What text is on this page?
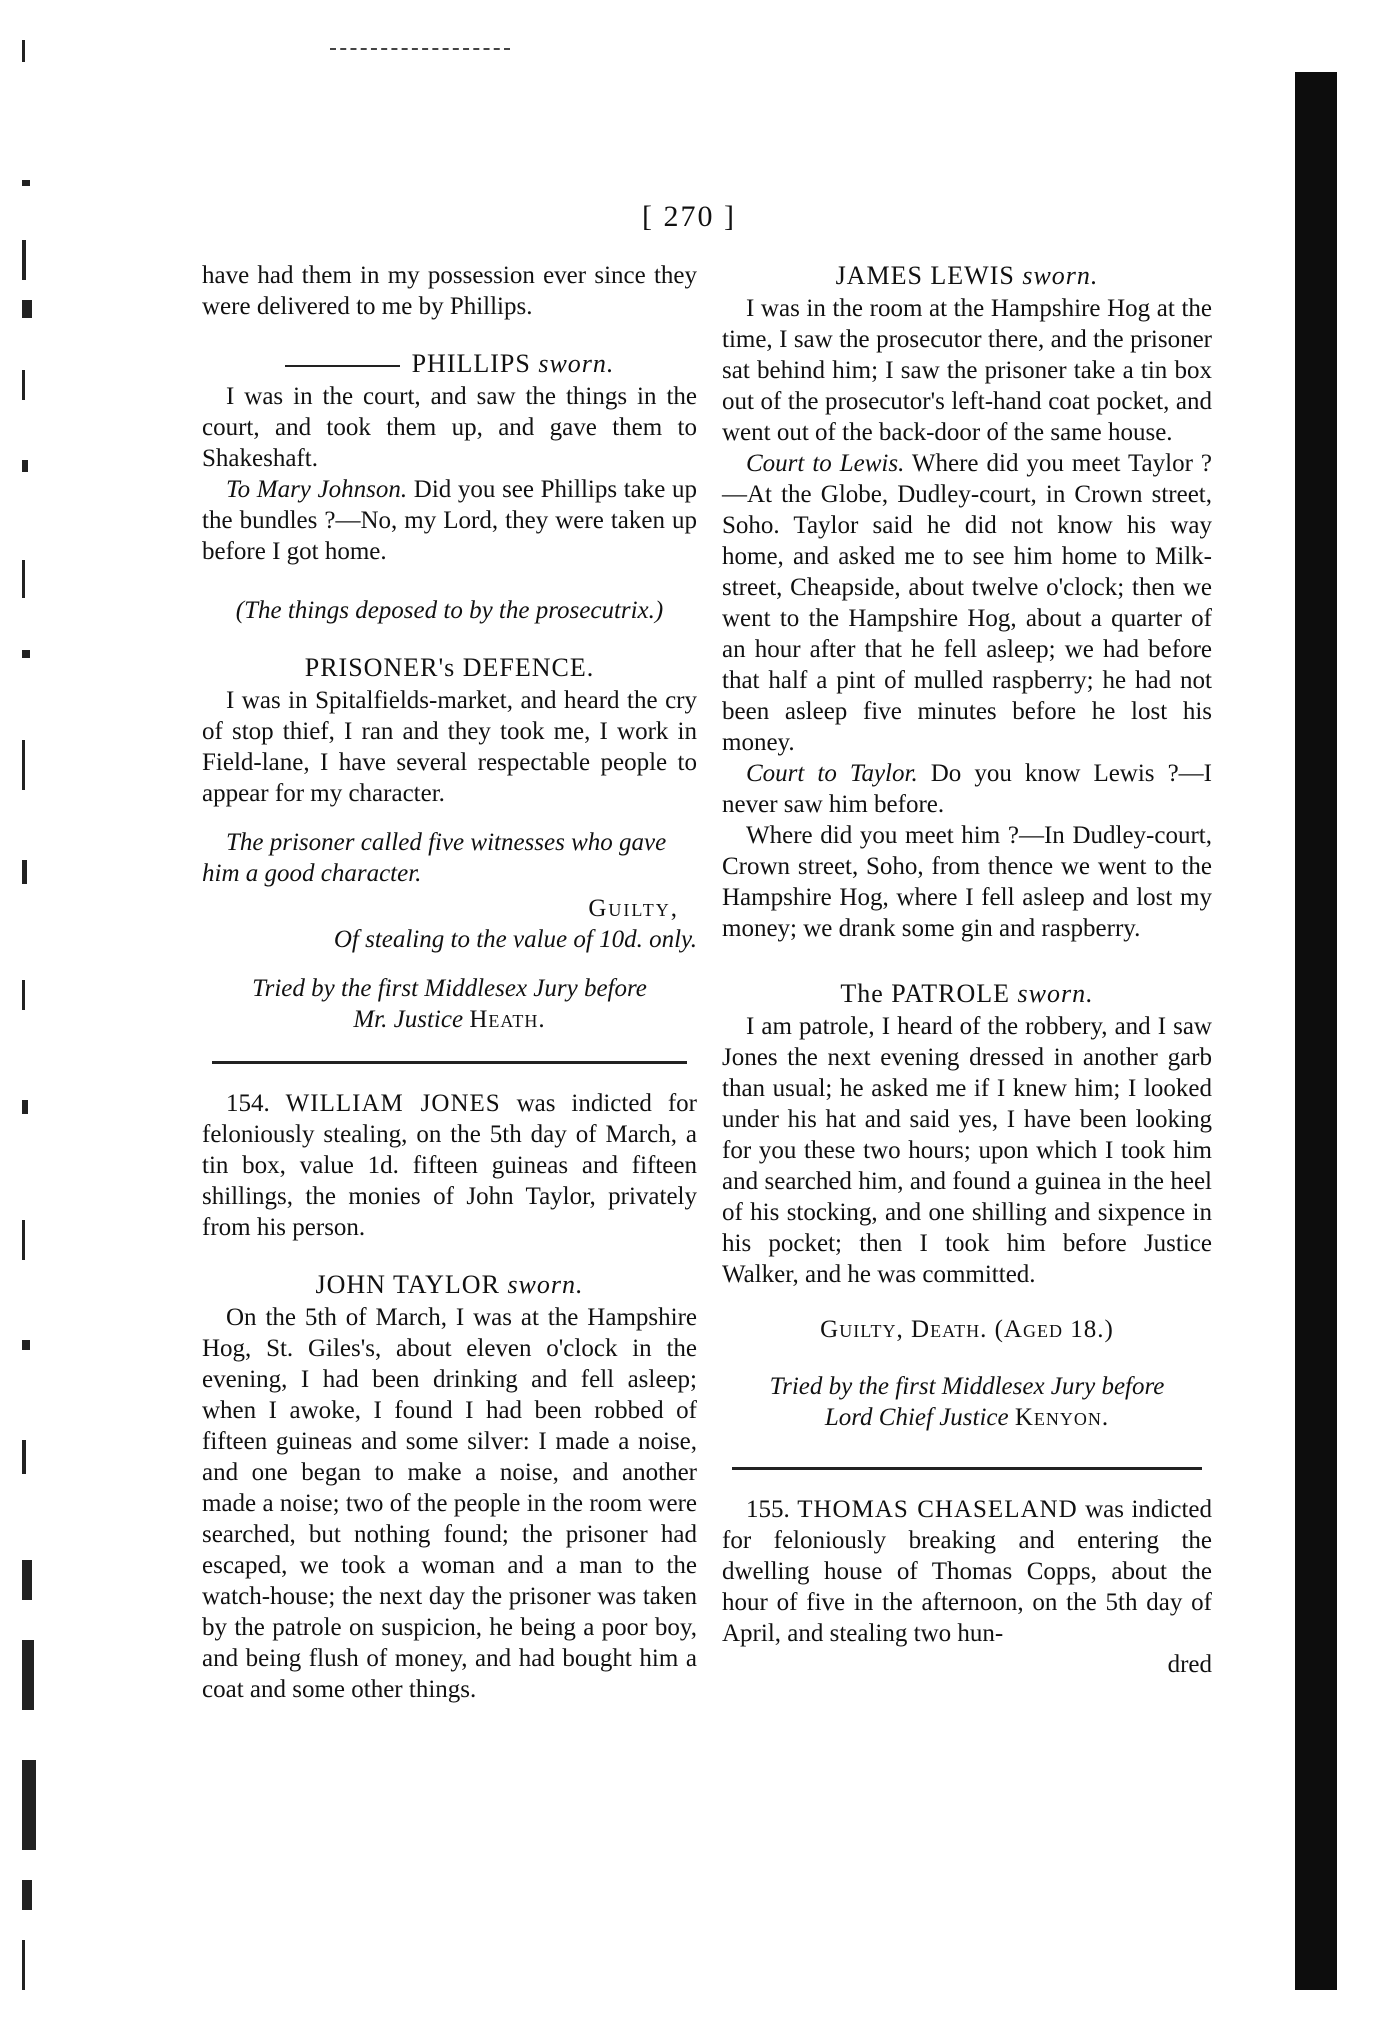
[ 270 ]

have had them in my possession ever since they were delivered to me by Phillips.

PHILLIPS sworn.

I was in the court, and saw the things in the court, and took them up, and gave them to Shakeshaft.

To Mary Johnson. Did you see Phillips take up the bundles ?—No, my Lord, they were taken up before I got home.

(The things deposed to by the prosecutrix.)

PRISONER's DEFENCE.

I was in Spitalfields-market, and heard the cry of stop thief, I ran and they took me, I work in Field-lane, I have several respectable people to appear for my character.

The prisoner called five witnesses who gave him a good character.

Guilty,

Of stealing to the value of 10d. only.

Tried by the first Middlesex Jury before
Mr. Justice Heath.

154. WILLIAM JONES was indicted for feloniously stealing, on the 5th day of March, a tin box, value 1d. fifteen guineas and fifteen shillings, the monies of John Taylor, privately from his person.

JOHN TAYLOR sworn.

On the 5th of March, I was at the Hampshire Hog, St. Giles's, about eleven o'clock in the evening, I had been drinking and fell asleep; when I awoke, I found I had been robbed of fifteen guineas and some silver: I made a noise, and one began to make a noise, and another made a noise; two of the people in the room were searched, but nothing found; the prisoner had escaped, we took a woman and a man to the watch-house; the next day the prisoner was taken by the patrole on suspicion, he being a poor boy, and being flush of money, and had bought him a coat and some other things.

JAMES LEWIS sworn.

I was in the room at the Hampshire Hog at the time, I saw the prosecutor there, and the prisoner sat behind him; I saw the prisoner take a tin box out of the prosecutor's left-hand coat pocket, and went out of the back-door of the same house.

Court to Lewis. Where did you meet Taylor ?—At the Globe, Dudley-court, in Crown street, Soho. Taylor said he did not know his way home, and asked me to see him home to Milk-street, Cheapside, about twelve o'clock; then we went to the Hampshire Hog, about a quarter of an hour after that he fell asleep; we had before that half a pint of mulled raspberry; he had not been asleep five minutes before he lost his money.

Court to Taylor. Do you know Lewis ?—I never saw him before.

Where did you meet him ?—In Dudley-court, Crown street, Soho, from thence we went to the Hampshire Hog, where I fell asleep and lost my money; we drank some gin and raspberry.

The PATROLE sworn.

I am patrole, I heard of the robbery, and I saw Jones the next evening dressed in another garb than usual; he asked me if I knew him; I looked under his hat and said yes, I have been looking for you these two hours; upon which I took him and searched him, and found a guinea in the heel of his stocking, and one shilling and sixpence in his pocket; then I took him before Justice Walker, and he was committed.

Guilty, Death. (Aged 18.)

Tried by the first Middlesex Jury before
Lord Chief Justice Kenyon.

155. THOMAS CHASELAND was indicted for feloniously breaking and entering the dwelling house of Thomas Copps, about the hour of five in the afternoon, on the 5th day of April, and stealing two hun-

dred
